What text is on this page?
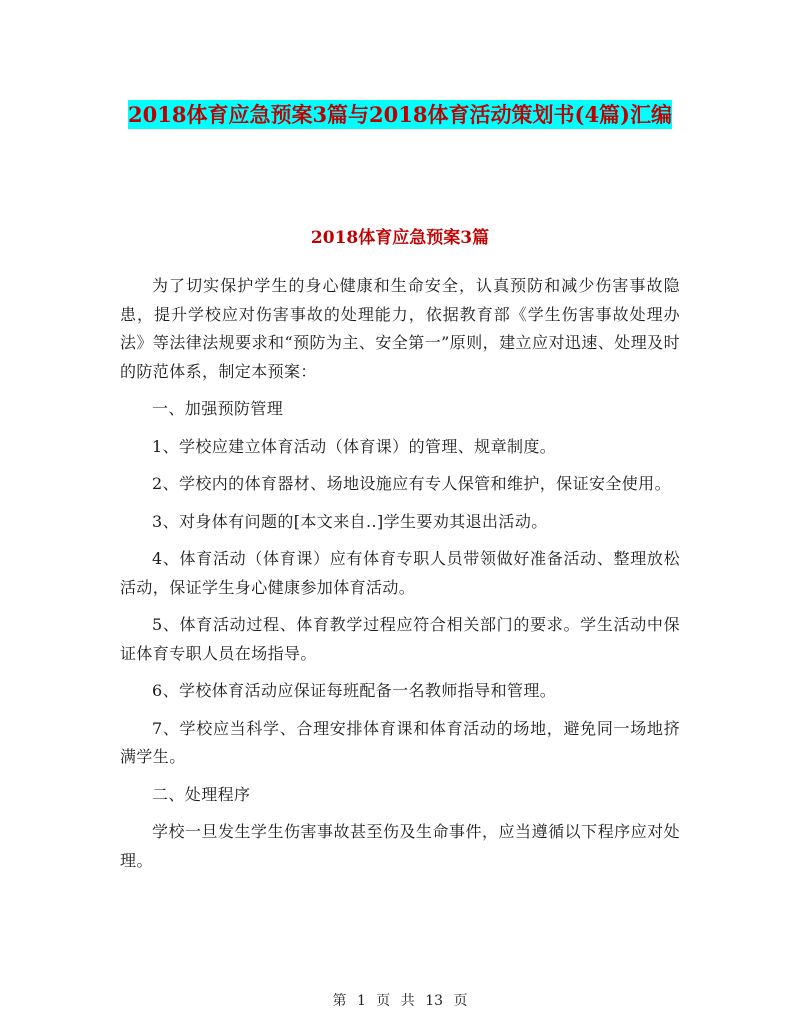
2018体育应急预案3篇与2018体育活动策划书(4篇)汇编
2018体育应急预案3篇

为了切实保护学生的身心健康和生命安全，认真预防和减少伤害事故隐患，提升学校应对伤害事故的处理能力，依据教育部《学生伤害事故处理办法》等法律法规要求和“预防为主、安全第一”原则，建立应对迅速、处理及时的防范体系，制定本预案：

一、加强预防管理

1、学校应建立体育活动（体育课）的管理、规章制度。

2、学校内的体育器材、场地设施应有专人保管和维护，保证安全使用。

3、对身体有问题的[本文来自..]学生要劝其退出活动。

4、体育活动（体育课）应有体育专职人员带领做好准备活动、整理放松活动，保证学生身心健康参加体育活动。

5、体育活动过程、体育教学过程应符合相关部门的要求。学生活动中保证体育专职人员在场指导。

6、学校体育活动应保证每班配备一名教师指导和管理。

7、学校应当科学、合理安排体育课和体育活动的场地，避免同一场地挤满学生。

二、处理程序

学校一旦发生学生伤害事故甚至伤及生命事件，应当遵循以下程序应对处理。

第 1 页 共 13 页
